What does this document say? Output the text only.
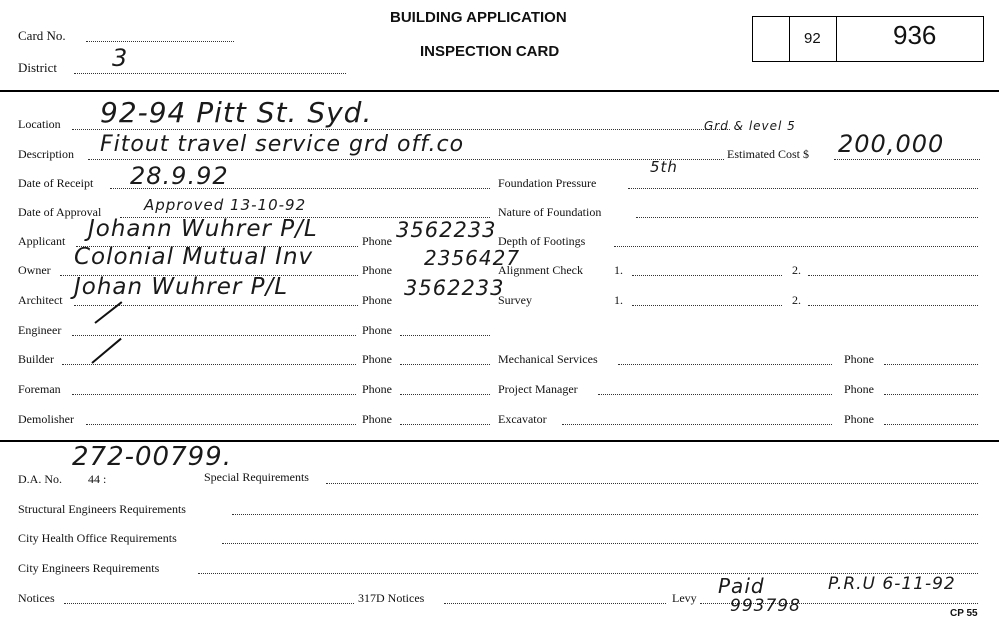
Card No.
District 3
BUILDING APPLICATION
INSPECTION CARD
92	936
Location 92-94 Pitt St. Syd.
Description Fitout travel service grd off.co
Grd & level 5
5th
Estimated Cost $ 200,000
Date of Receipt 28.9.92
Date of Approval	Approved 13-10-92
Applicant Johann Wuhrer P/L	Phone 3562233
Owner Colonial Mutual Inv	Phone 2356427
Architect Johan Wuhrer P/L	Phone 3562233
Engineer	Phone
Builder	Phone
Foreman	Phone
Demolisher	Phone
Foundation Pressure
Nature of Foundation
Depth of Footings
Alignment Check	1.	2.
Survey	1.	2.
Mechanical Services	Phone
Project Manager	Phone
Excavator	Phone
272-00799.
D.A. No. 44 :	Special Requirements
Structural Engineers Requirements
City Health Office Requirements
City Engineers Requirements
Notices	317D Notices	Levy Paid
993798
P.R.U 6-11-92
CP 55
